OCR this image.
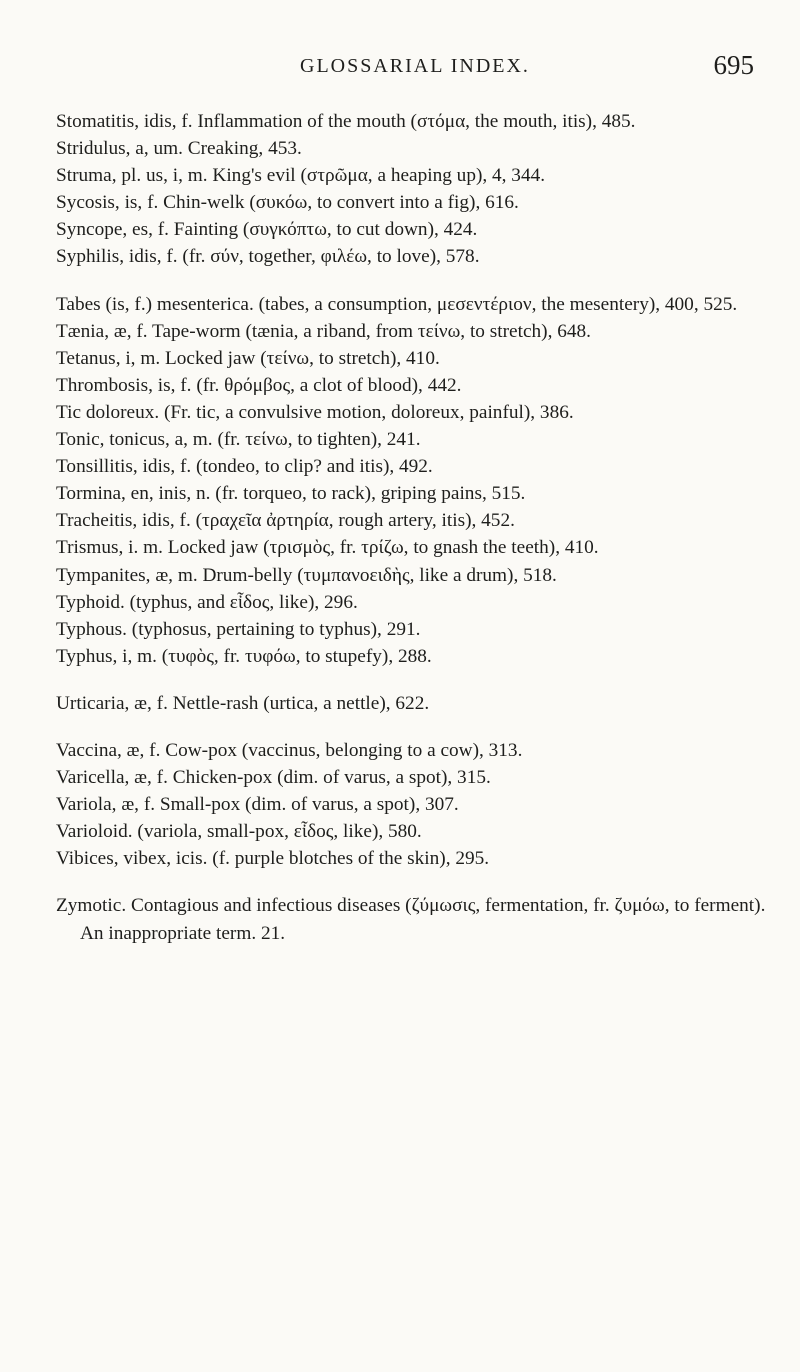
GLOSSARIAL INDEX.	695

Stomatitis, idis, f. Inflammation of the mouth (στόμα, the mouth, itis), 485.

Stridulus, a, um. Creaking, 453.

Struma, pl. us, i, m. King's evil (στρῶμα, a heaping up), 4, 344.

Sycosis, is, f. Chin-welk (συκόω, to convert into a fig), 616.

Syncope, es, f. Fainting (συγκόπτω, to cut down), 424.

Syphilis, idis, f. (fr. σύν, together, φιλέω, to love), 578.

Tabes (is, f.) mesenterica. (tabes, a consumption, μεσεντέριον, the mesentery), 400, 525.

Tænia, æ, f. Tape-worm (tænia, a riband, from τείνω, to stretch), 648.

Tetanus, i, m. Locked jaw (τείνω, to stretch), 410.

Thrombosis, is, f. (fr. θρόμβος, a clot of blood), 442.

Tic doloreux. (Fr. tic, a convulsive motion, doloreux, painful), 386.

Tonic, tonicus, a, m. (fr. τείνω, to tighten), 241.

Tonsillitis, idis, f. (tondeo, to clip? and itis), 492.

Tormina, en, inis, n. (fr. torqueo, to rack), griping pains, 515.

Tracheitis, idis, f. (τραχεῖα ἀρτηρία, rough artery, itis), 452.

Trismus, i. m. Locked jaw (τρισμὸς, fr. τρίζω, to gnash the teeth), 410.

Tympanites, æ, m. Drum-belly (τυμπανοειδὴς, like a drum), 518.

Typhoid. (typhus, and εἶδος, like), 296.

Typhous. (typhosus, pertaining to typhus), 291.

Typhus, i, m. (τυφὸς, fr. τυφόω, to stupefy), 288.

Urticaria, æ, f. Nettle-rash (urtica, a nettle), 622.

Vaccina, æ, f. Cow-pox (vaccinus, belonging to a cow), 313.

Varicella, æ, f. Chicken-pox (dim. of varus, a spot), 315.

Variola, æ, f. Small-pox (dim. of varus, a spot), 307.

Varioloid. (variola, small-pox, εἶδος, like), 580.

Vibices, vibex, icis. (f. purple blotches of the skin), 295.

Zymotic. Contagious and infectious diseases (ζύμωσις, fermentation, fr. ζυμόω, to ferment). An inappropriate term. 21.
